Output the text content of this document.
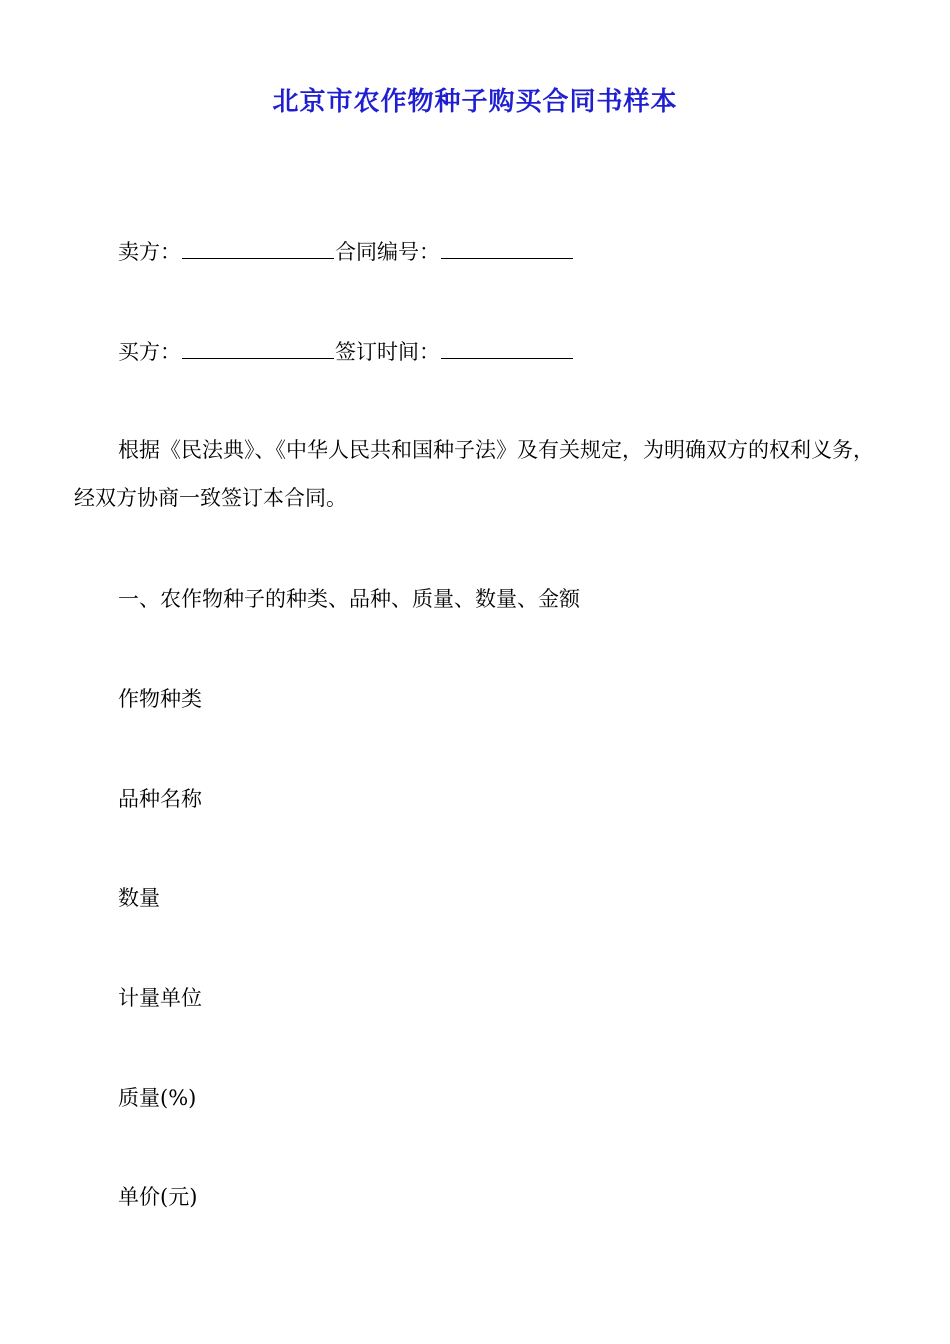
北京市农作物种子购买合同书样本
卖方：	合同编号：
买方：	签订时间：
根据《民法典》、《中华人民共和国种子法》及有关规定，为明确双方的权利义务，经双方协商一致签订本合同。
一、农作物种子的种类、品种、质量、数量、金额
作物种类
品种名称
数量
计量单位
质量(%)
单价(元)
